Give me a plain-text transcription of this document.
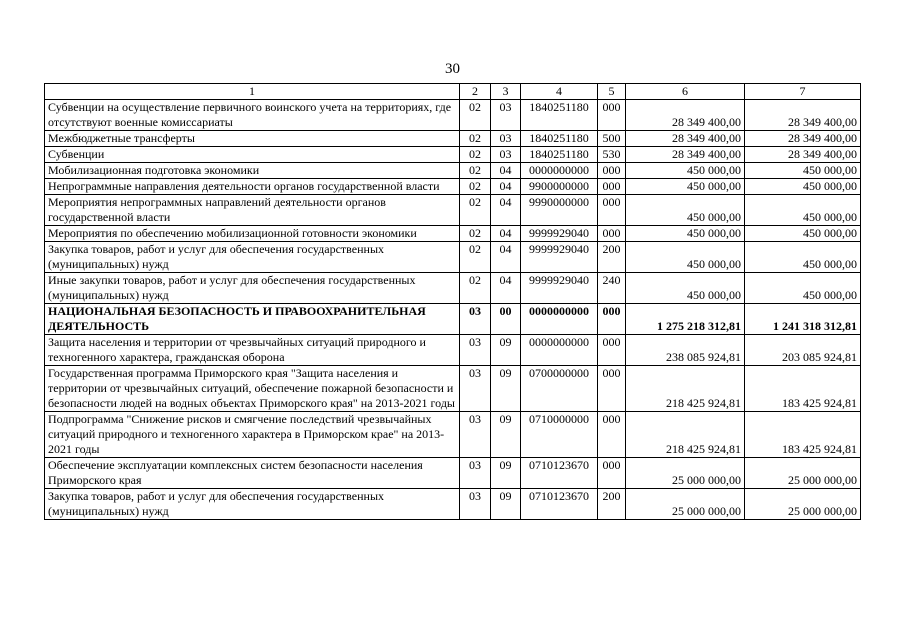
30
1	2	3	4	5	6	7
Субвенции на осуществление первичного воинского учета на территориях, где отсутствуют военные комиссариаты	02	03	1840251180	000	28 349 400,00	28 349 400,00
Межбюджетные трансферты	02	03	1840251180	500	28 349 400,00	28 349 400,00
Субвенции	02	03	1840251180	530	28 349 400,00	28 349 400,00
Мобилизационная подготовка экономики	02	04	0000000000	000	450 000,00	450 000,00
Непрограммные направления деятельности органов государственной власти	02	04	9900000000	000	450 000,00	450 000,00
Мероприятия непрограммных направлений деятельности органов государственной власти	02	04	9990000000	000	450 000,00	450 000,00
Мероприятия по обеспечению мобилизационной готовности экономики	02	04	9999929040	000	450 000,00	450 000,00
Закупка товаров, работ и услуг для обеспечения государственных (муниципальных) нужд	02	04	9999929040	200	450 000,00	450 000,00
Иные закупки товаров, работ и услуг для обеспечения государственных (муниципальных) нужд	02	04	9999929040	240	450 000,00	450 000,00
НАЦИОНАЛЬНАЯ БЕЗОПАСНОСТЬ И ПРАВООХРАНИТЕЛЬНАЯ ДЕЯТЕЛЬНОСТЬ	03	00	0000000000	000	1 275 218 312,81	1 241 318 312,81
Защита населения и территории от чрезвычайных ситуаций природного и техногенного характера, гражданская оборона	03	09	0000000000	000	238 085 924,81	203 085 924,81
Государственная программа Приморского края "Защита населения и территории от чрезвычайных ситуаций, обеспечение пожарной безопасности и безопасности людей на водных объектах Приморского края" на 2013-2021 годы	03	09	0700000000	000	218 425 924,81	183 425 924,81
Подпрограмма "Снижение рисков и смягчение последствий чрезвычайных ситуаций природного и техногенного характера в Приморском крае" на 2013-2021 годы	03	09	0710000000	000	218 425 924,81	183 425 924,81
Обеспечение эксплуатации комплексных систем безопасности населения Приморского края	03	09	0710123670	000	25 000 000,00	25 000 000,00
Закупка товаров, работ и услуг для обеспечения государственных (муниципальных) нужд	03	09	0710123670	200	25 000 000,00	25 000 000,00
